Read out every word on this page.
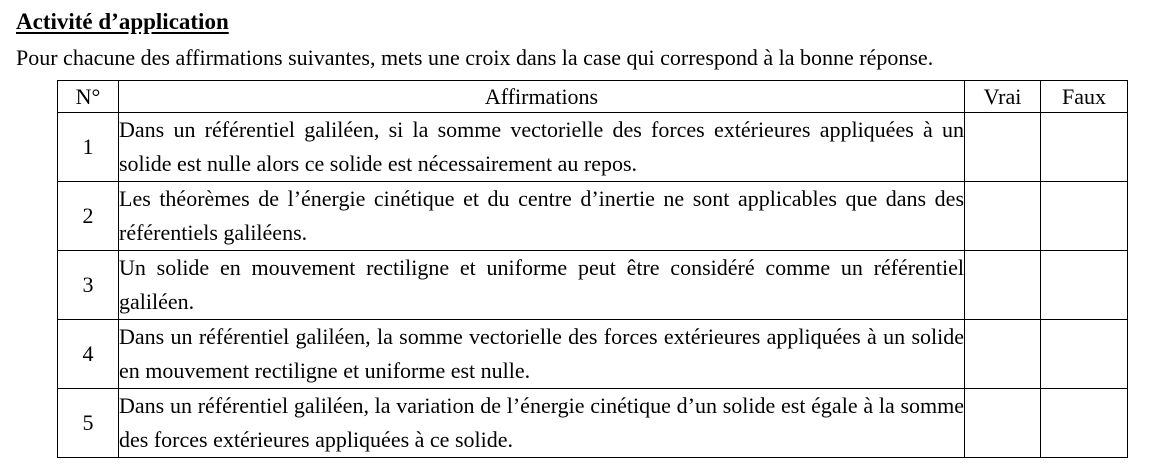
Activité d’application
Pour chacune des affirmations suivantes, mets une croix dans la case qui correspond à la bonne réponse.
N°	Affirmations	Vrai	Faux
1	Dans un référentiel galiléen, si la somme vectorielle des forces extérieures appliquées à un solide est nulle alors ce solide est nécessairement au repos.		
2	Les théorèmes de l’énergie cinétique et du centre d’inertie ne sont applicables que dans des référentiels galiléens.		
3	Un solide en mouvement rectiligne et uniforme peut être considéré comme un référentiel galiléen.		
4	Dans un référentiel galiléen, la somme vectorielle des forces extérieures appliquées à un solide en mouvement rectiligne et uniforme est nulle.		
5	Dans un référentiel galiléen, la variation de l’énergie cinétique d’un solide est égale à la somme des forces extérieures appliquées à ce solide.		
